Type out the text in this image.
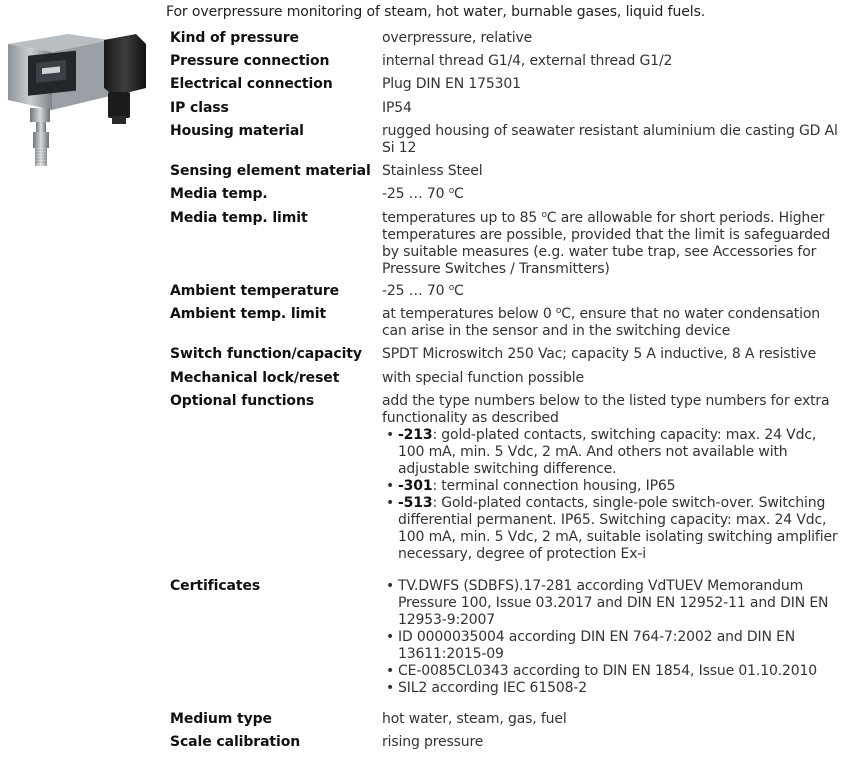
For overpressure monitoring of steam, hot water, burnable gases, liquid fuels.
Kind of pressure	overpressure, relative
Pressure connection	internal thread G1/4, external thread G1/2
Electrical connection	Plug DIN EN 175301
IP class	IP54
Housing material	rugged housing of seawater resistant aluminium die casting GD Al Si 12
Sensing element material Stainless Steel
Media temp.	-25 … 70 $^o$C
Media temp. limit	temperatures up to 85 $^o$C are allowable for short periods. Higher temperatures are possible, provided that the limit is safeguarded by suitable measures (e.g. water tube trap, see Accessories for Pressure Switches / Transmitters)
Ambient temperature	-25 … 70 $^o$C
Ambient temp. limit	at temperatures below 0 $^o$C, ensure that no water condensation can arise in the sensor and in the switching device
Switch function/capacity	SPDT Microswitch 250 Vac; capacity 5 A inductive, 8 A resistive
Mechanical lock/reset	with special function possible
Optional functions	add the type numbers below to the listed type numbers for extra functionality as described
• -213: gold-plated contacts, switching capacity: max. 24 Vdc, 100 mA, min. 5 Vdc, 2 mA. And others not available with adjustable switching difference.
• -301: terminal connection housing, IP65
• -513: Gold-plated contacts, single-pole switch-over. Switching differential permanent. IP65. Switching capacity: max. 24 Vdc, 100 mA, min. 5 Vdc, 2 mA, suitable isolating switching amplifier necessary, degree of protection Ex-i
Certificates
•	TV.DWFS (SDBFS).17-281 according VdTUEV Memorandum Pressure 100, Issue 03.2017 and DIN EN 12952-11 and DIN EN 12953-9:2007
• ID 0000035004 according DIN EN 764-7:2002 and DIN EN 13611:2015-09
• CE-0085CL0343 according to DIN EN 1854, Issue 01.10.2010
• SIL2 according IEC 61508-2
Medium type	hot water, steam, gas, fuel
Scale calibration	rising pressure
